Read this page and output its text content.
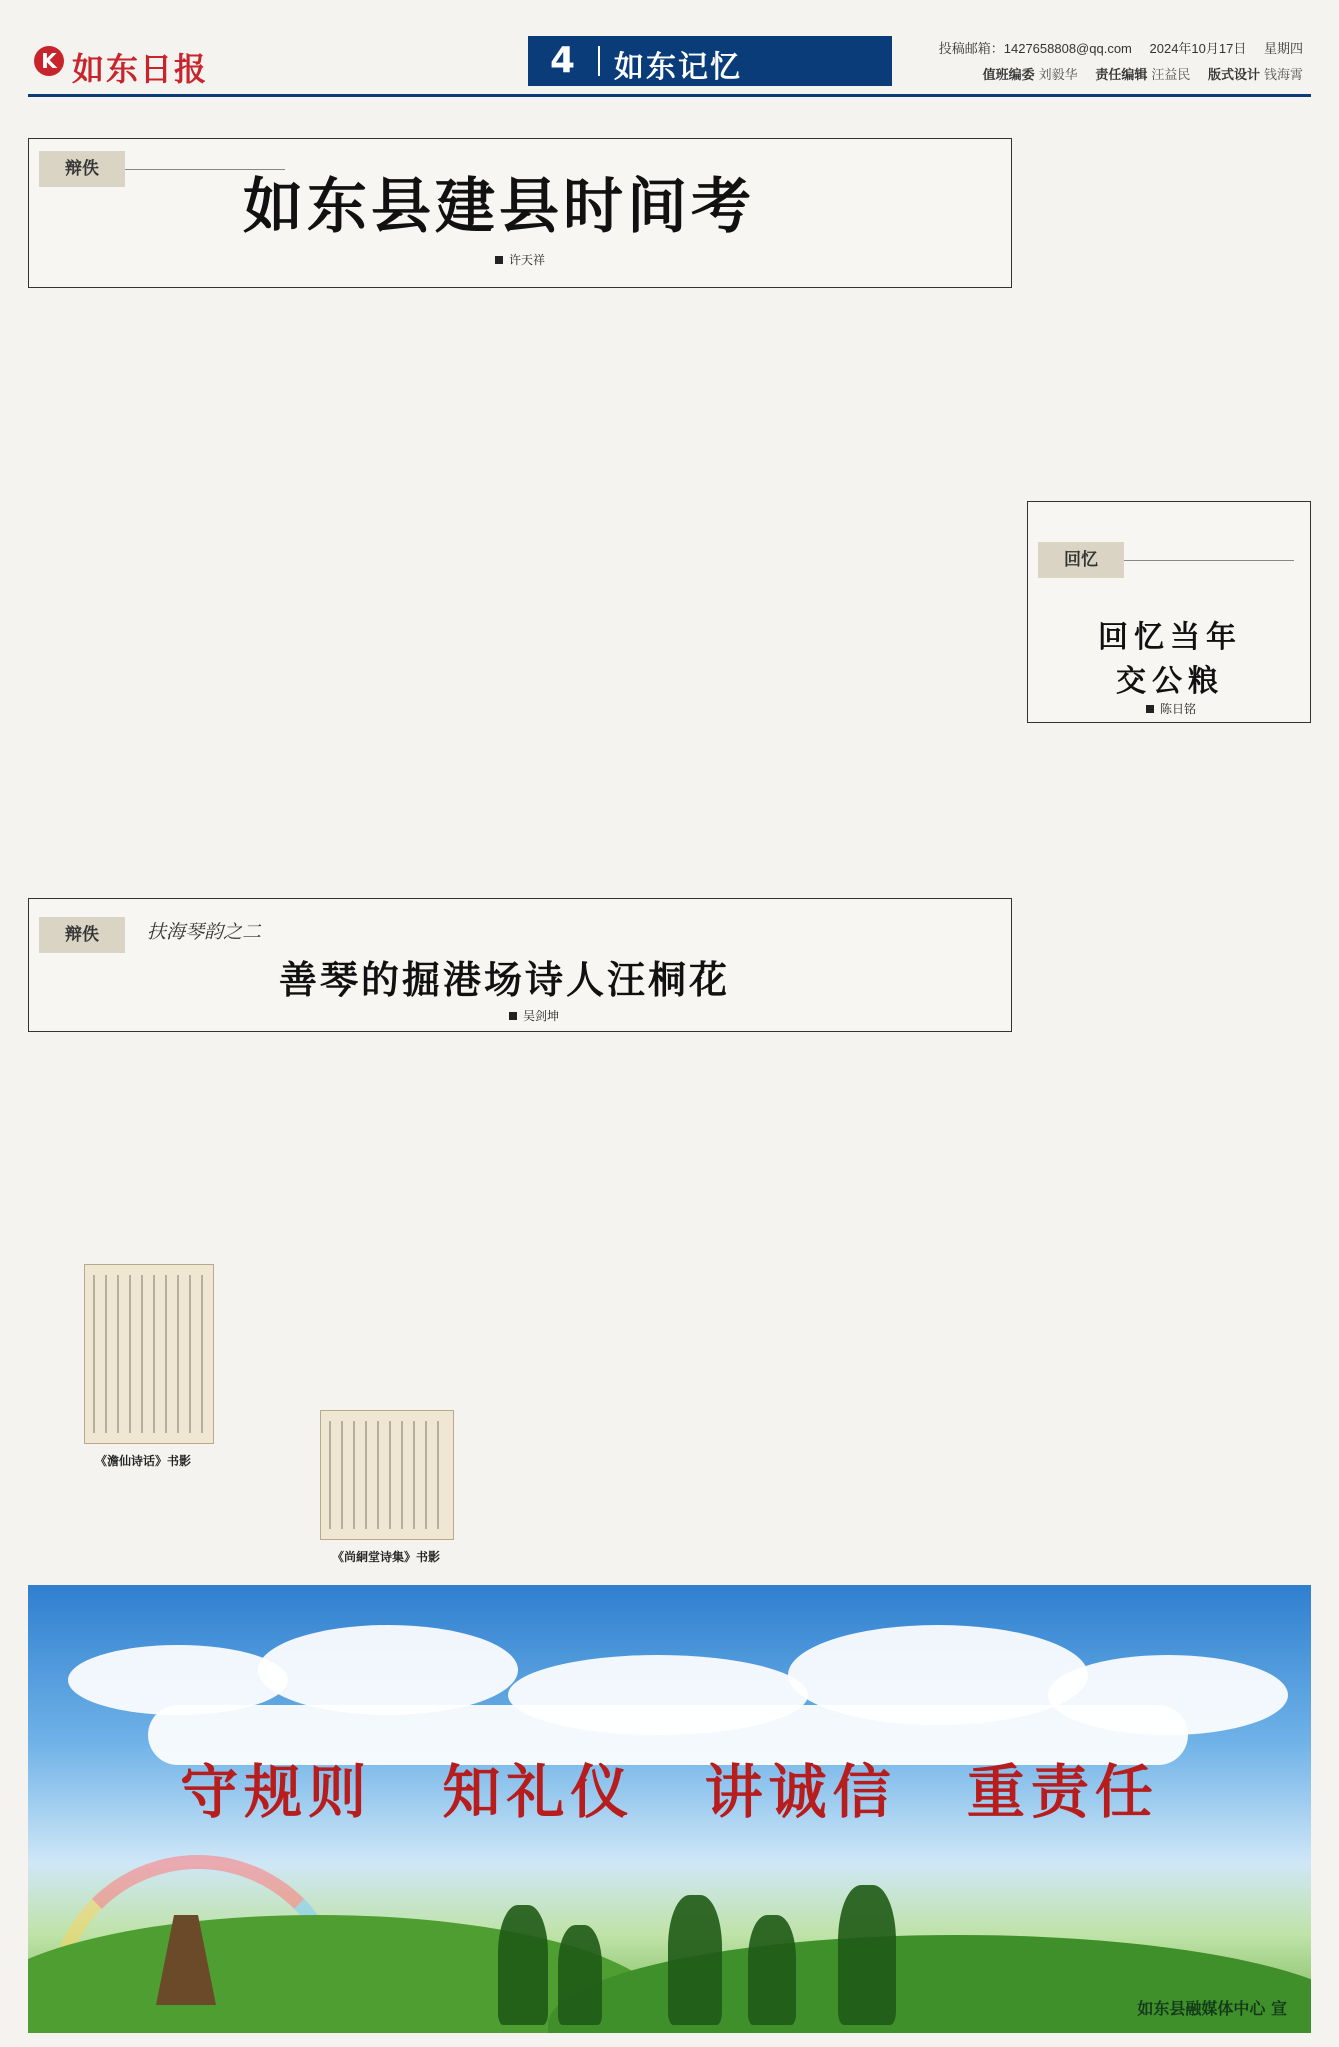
K 如东日报	4 如东记忆
投稿邮箱：1427658808@qq.com 2024年10月17日 星期四
值班编委 刘毅华 责任编辑 汪益民 版式设计 钱海霄
辩佚
如东县建县时间考
许天祥
回忆
回忆当年
交公粮
陈日铭
辩佚	扶海琴韵之二
善琴的掘港场诗人汪桐花
吴剑坤
《澹仙诗话》书影
《尚絅堂诗集》书影
守规则 知礼仪 讲诚信 重责任
如东县融媒体中心 宣
